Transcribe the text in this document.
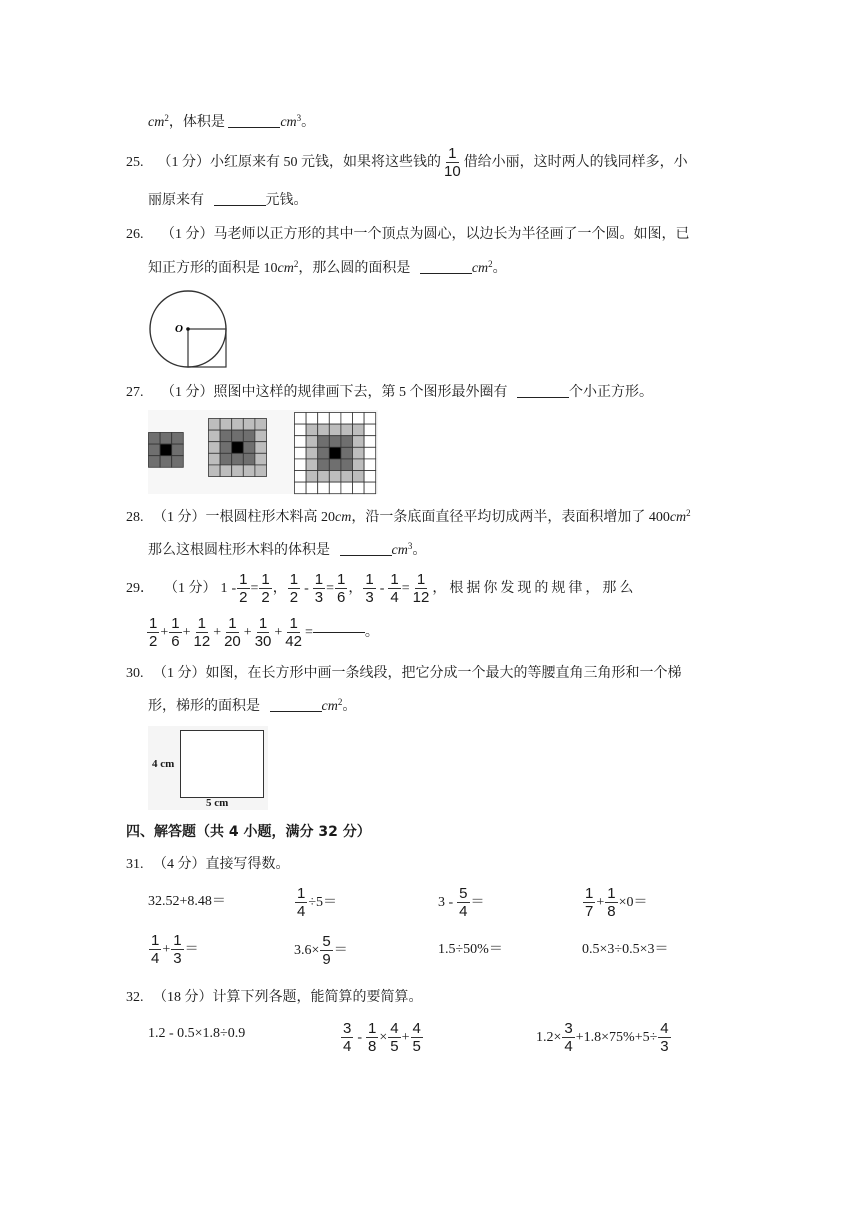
$cm^2$，体积是	$cm^3$。
25. （1 分） 小红原来有 50 元钱，如果将这些钱的 $\frac{1}{10}$ 借给小丽，这时两人的钱同样多，小
丽原来有	元钱。
26. （1 分）马老师以正方形的其中一个顶点为圆心，以边长为半径画了一个圆。如图，已
知正方形的面积是 $10cm^2$，那么圆的面积是	$cm^2$。
O
27. （1 分）照图中这样的规律画下去，第 5 个图形最外圈有	个小正方形。
28. （1 分）一根圆柱形木料高 20cm，沿一条底面直径平均切成两半，表面积增加了 $400cm^2$
那么这根圆柱形木料的体积是	$cm^3$。
29． （1 分） $1 - \frac{1}{2} = \frac{1}{2}$ ， $\frac{1}{2} - \frac{1}{3} = \frac{1}{6}$ ， $\frac{1}{3} - \frac{1}{4} = \frac{1}{12}$ ，根据你发现的规律，那么
$\frac{1}{2} + \frac{1}{6} + \frac{1}{12} + \frac{1}{20} + \frac{1}{30} + \frac{1}{42}$ =	。
30. （1 分）如图，在长方形中画一条线段，把它分成一个最大的等腰直角三角形和一个梯
形，梯形的面积是	$cm^2$。
4 cm
5 cm
四、解答题（共 4 小题，满分 32 分）
31. （4 分）直接写得数。
32.52+8.48＝	$\frac{1}{4} \div 5=$	$3 - \frac{5}{4}$ ＝	$\frac{1}{7} + \frac{1}{8} \times 0=$
$\frac{1}{4} + \frac{1}{3}$ ＝	$3.6\times \frac{5}{9}$ ＝	1.5÷50%＝	0.5×3÷0.5×3＝
32. （18 分）计算下列各题，能简算的要简算。
1.2 - 0.5×1.8÷0.9	$\frac{3}{4} - \frac{1}{8} \times \frac{4}{5} + \frac{4}{5}$	$1.2\times \frac{3}{4} +1.8\times 75\%+5\div \frac{4}{3}$
